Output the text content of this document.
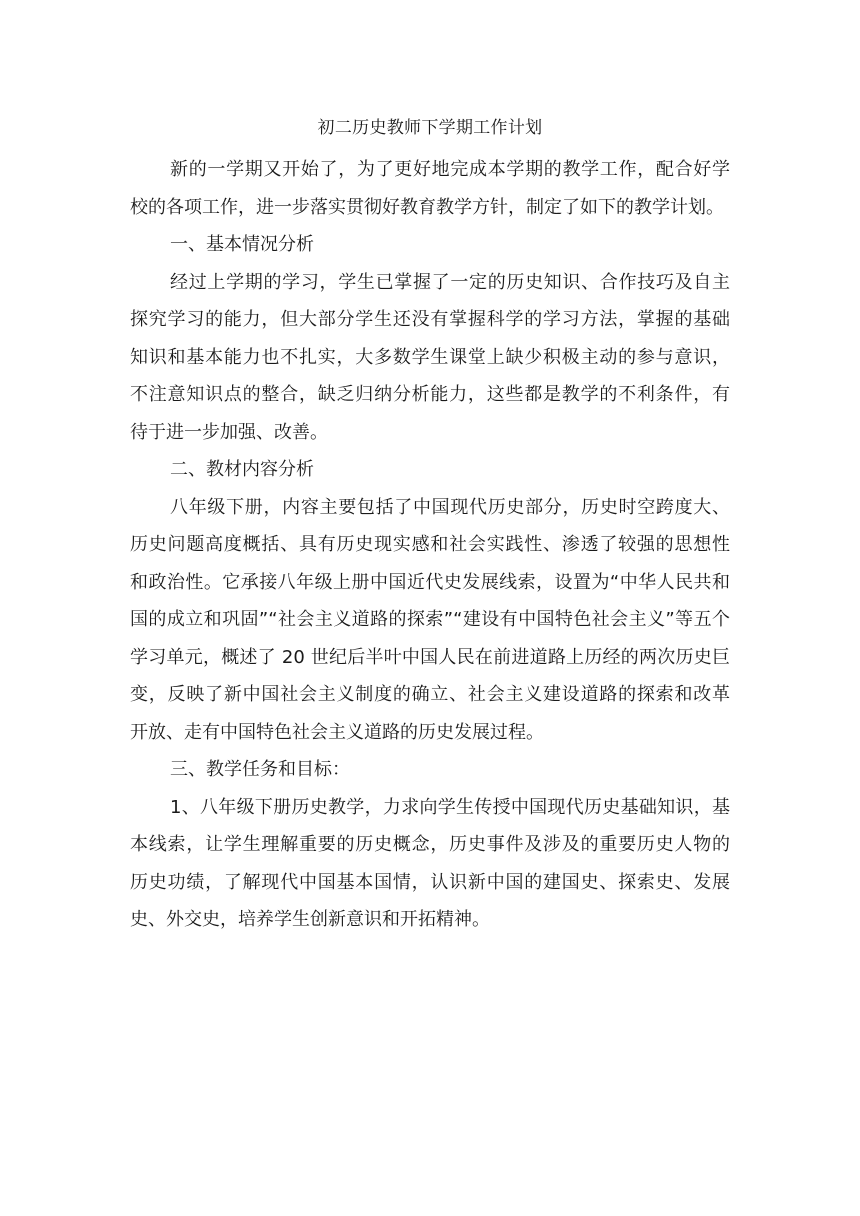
初二历史教师下学期工作计划
新的一学期又开始了，为了更好地完成本学期的教学工作，配合好学
校的各项工作，进一步落实贯彻好教育教学方针，制定了如下的教学计划。
一、基本情况分析
经过上学期的学习，学生已掌握了一定的历史知识、合作技巧及自主
探究学习的能力，但大部分学生还没有掌握科学的学习方法，掌握的基础
知识和基本能力也不扎实，大多数学生课堂上缺少积极主动的参与意识，
不注意知识点的整合，缺乏归纳分析能力，这些都是教学的不利条件，有
待于进一步加强、改善。
二、教材内容分析
八年级下册，内容主要包括了中国现代历史部分，历史时空跨度大、
历史问题高度概括、具有历史现实感和社会实践性、渗透了较强的思想性
和政治性。它承接八年级上册中国近代史发展线索，设置为“中华人民共和
国的成立和巩固”“社会主义道路的探索”“建设有中国特色社会主义”等五个
学习单元，概述了 20 世纪后半叶中国人民在前进道路上历经的两次历史巨
变，反映了新中国社会主义制度的确立、社会主义建设道路的探索和改革
开放、走有中国特色社会主义道路的历史发展过程。
三、教学任务和目标：
1、八年级下册历史教学，力求向学生传授中国现代历史基础知识，基
本线索，让学生理解重要的历史概念，历史事件及涉及的重要历史人物的
历史功绩，了解现代中国基本国情，认识新中国的建国史、探索史、发展
史、外交史，培养学生创新意识和开拓精神。
